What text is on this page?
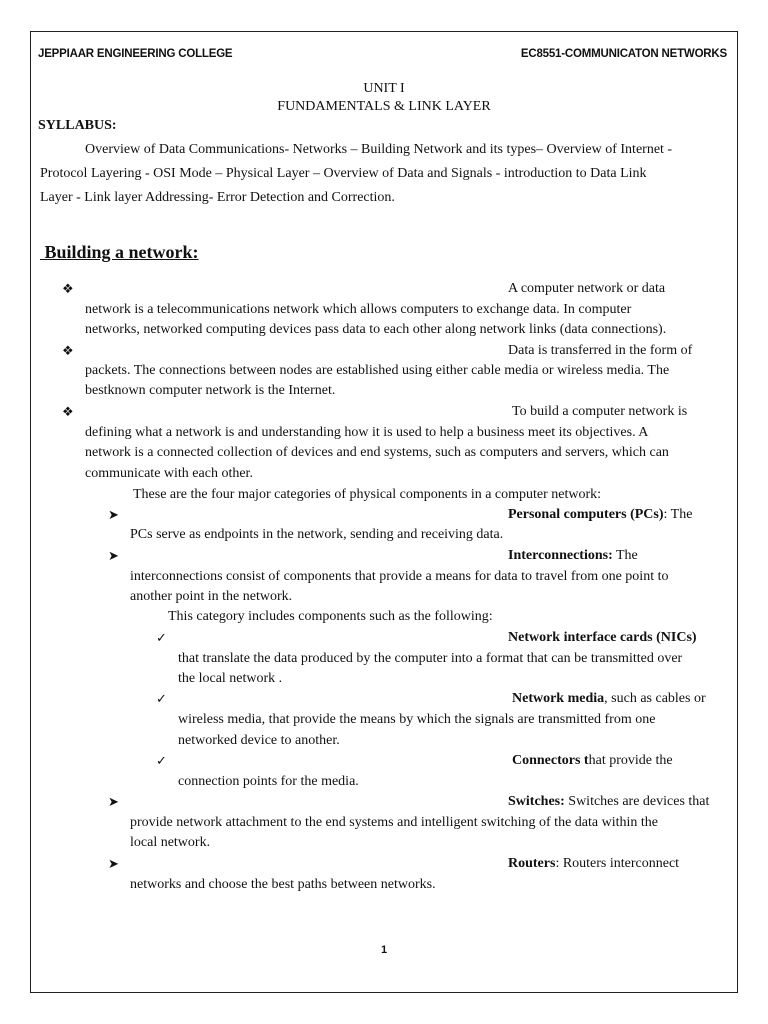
JEPPIAAR ENGINEERING COLLEGE	EC8551-COMMUNICATON NETWORKS
UNIT I
FUNDAMENTALS & LINK LAYER
SYLLABUS:
Overview of Data Communications- Networks – Building Network and its types– Overview of Internet -
Protocol Layering - OSI Mode – Physical Layer – Overview of Data and Signals - introduction to Data Link
Layer - Link layer Addressing- Error Detection and Correction.
Building a network:
❖	A computer network or data
network is a telecommunications network which allows computers to exchange data. In computer
networks, networked computing devices pass data to each other along network links (data connections).
❖	Data is transferred in the form of
packets. The connections between nodes are established using either cable media or wireless media. The
bestknown computer network is the Internet.
❖	To build a computer network is
defining what a network is and understanding how it is used to help a business meet its objectives. A
network is a connected collection of devices and end systems, such as computers and servers, which can
communicate with each other.
These are the four major categories of physical components in a computer network:
➤	Personal computers (PCs): The
PCs serve as endpoints in the network, sending and receiving data.
➤	Interconnections: The
interconnections consist of components that provide a means for data to travel from one point to
another point in the network.
This category includes components such as the following:
✓	Network interface cards (NICs)
that translate the data produced by the computer into a format that can be transmitted over
the local network .
✓	Network media, such as cables or
wireless media, that provide the means by which the signals are transmitted from one
networked device to another.
✓	Connectors that provide the
connection points for the media.
➤	Switches: Switches are devices that
provide network attachment to the end systems and intelligent switching of the data within the
local network.
➤	Routers: Routers interconnect
networks and choose the best paths between networks.
1
